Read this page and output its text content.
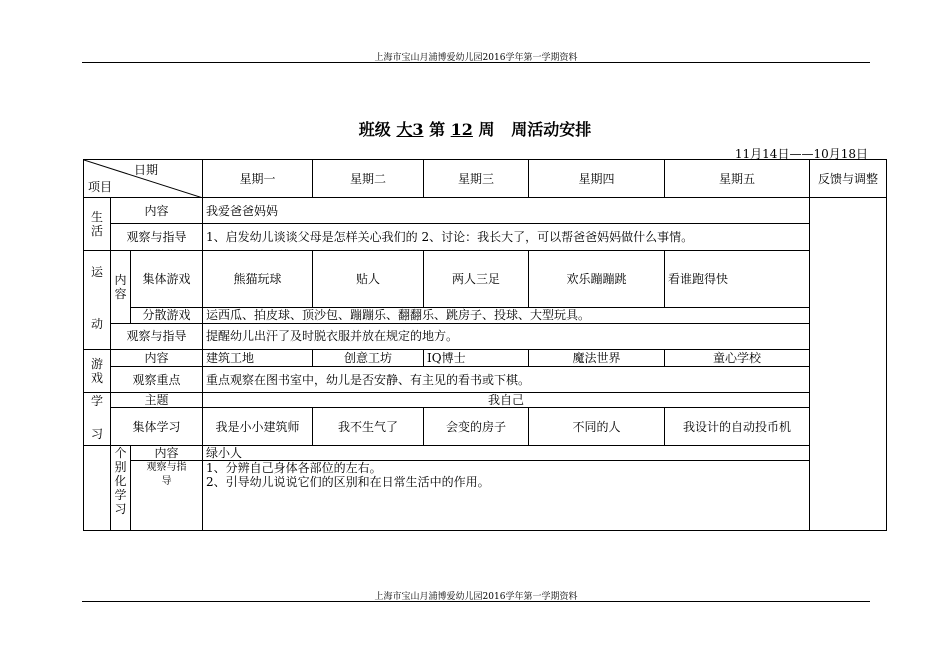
上海市宝山月浦博爱幼儿园2016学年第一学期资料
班级 大3 第 12 周 周活动安排
11月14日——10月18日
日期
项目			星期一	星期二	星期三	星期四	星期五	反馈与调整

生
活	内容		我爱爸爸妈妈					
	观察与指导		1、启发幼儿谈谈父母是怎样关心我们的 2、讨论：我长大了，可以帮爸爸妈妈做什么事情。					

运
动	内容	集体游戏	熊猫玩球	贴人	两人三足	欢乐蹦蹦跳	看谁跑得快	
		分散游戏	运西瓜、拍皮球、顶沙包、蹦蹦乐、翻翻乐、跳房子、投球、大型玩具。					
	观察与指导		提醒幼儿出汗了及时脱衣服并放在规定的地方。					

游
戏	内容		建筑工地	创意工坊	IQ博士	魔法世界	童心学校	
	观察重点		重点观察在图书室中，幼儿是否安静、有主见的看书或下棋。					

学
习	主题		我自己					
	集体学习		我是小小建筑师	我不生气了	会变的房子	不同的人	我设计的自动投币机	

	个
别
化
学
习	内容	绿小人					
		观察与指导	1、分辨自己身体各部位的左右。
2、引导幼儿说说它们的区别和在日常生活中的作用。					
上海市宝山月浦博爱幼儿园2016学年第一学期资料
